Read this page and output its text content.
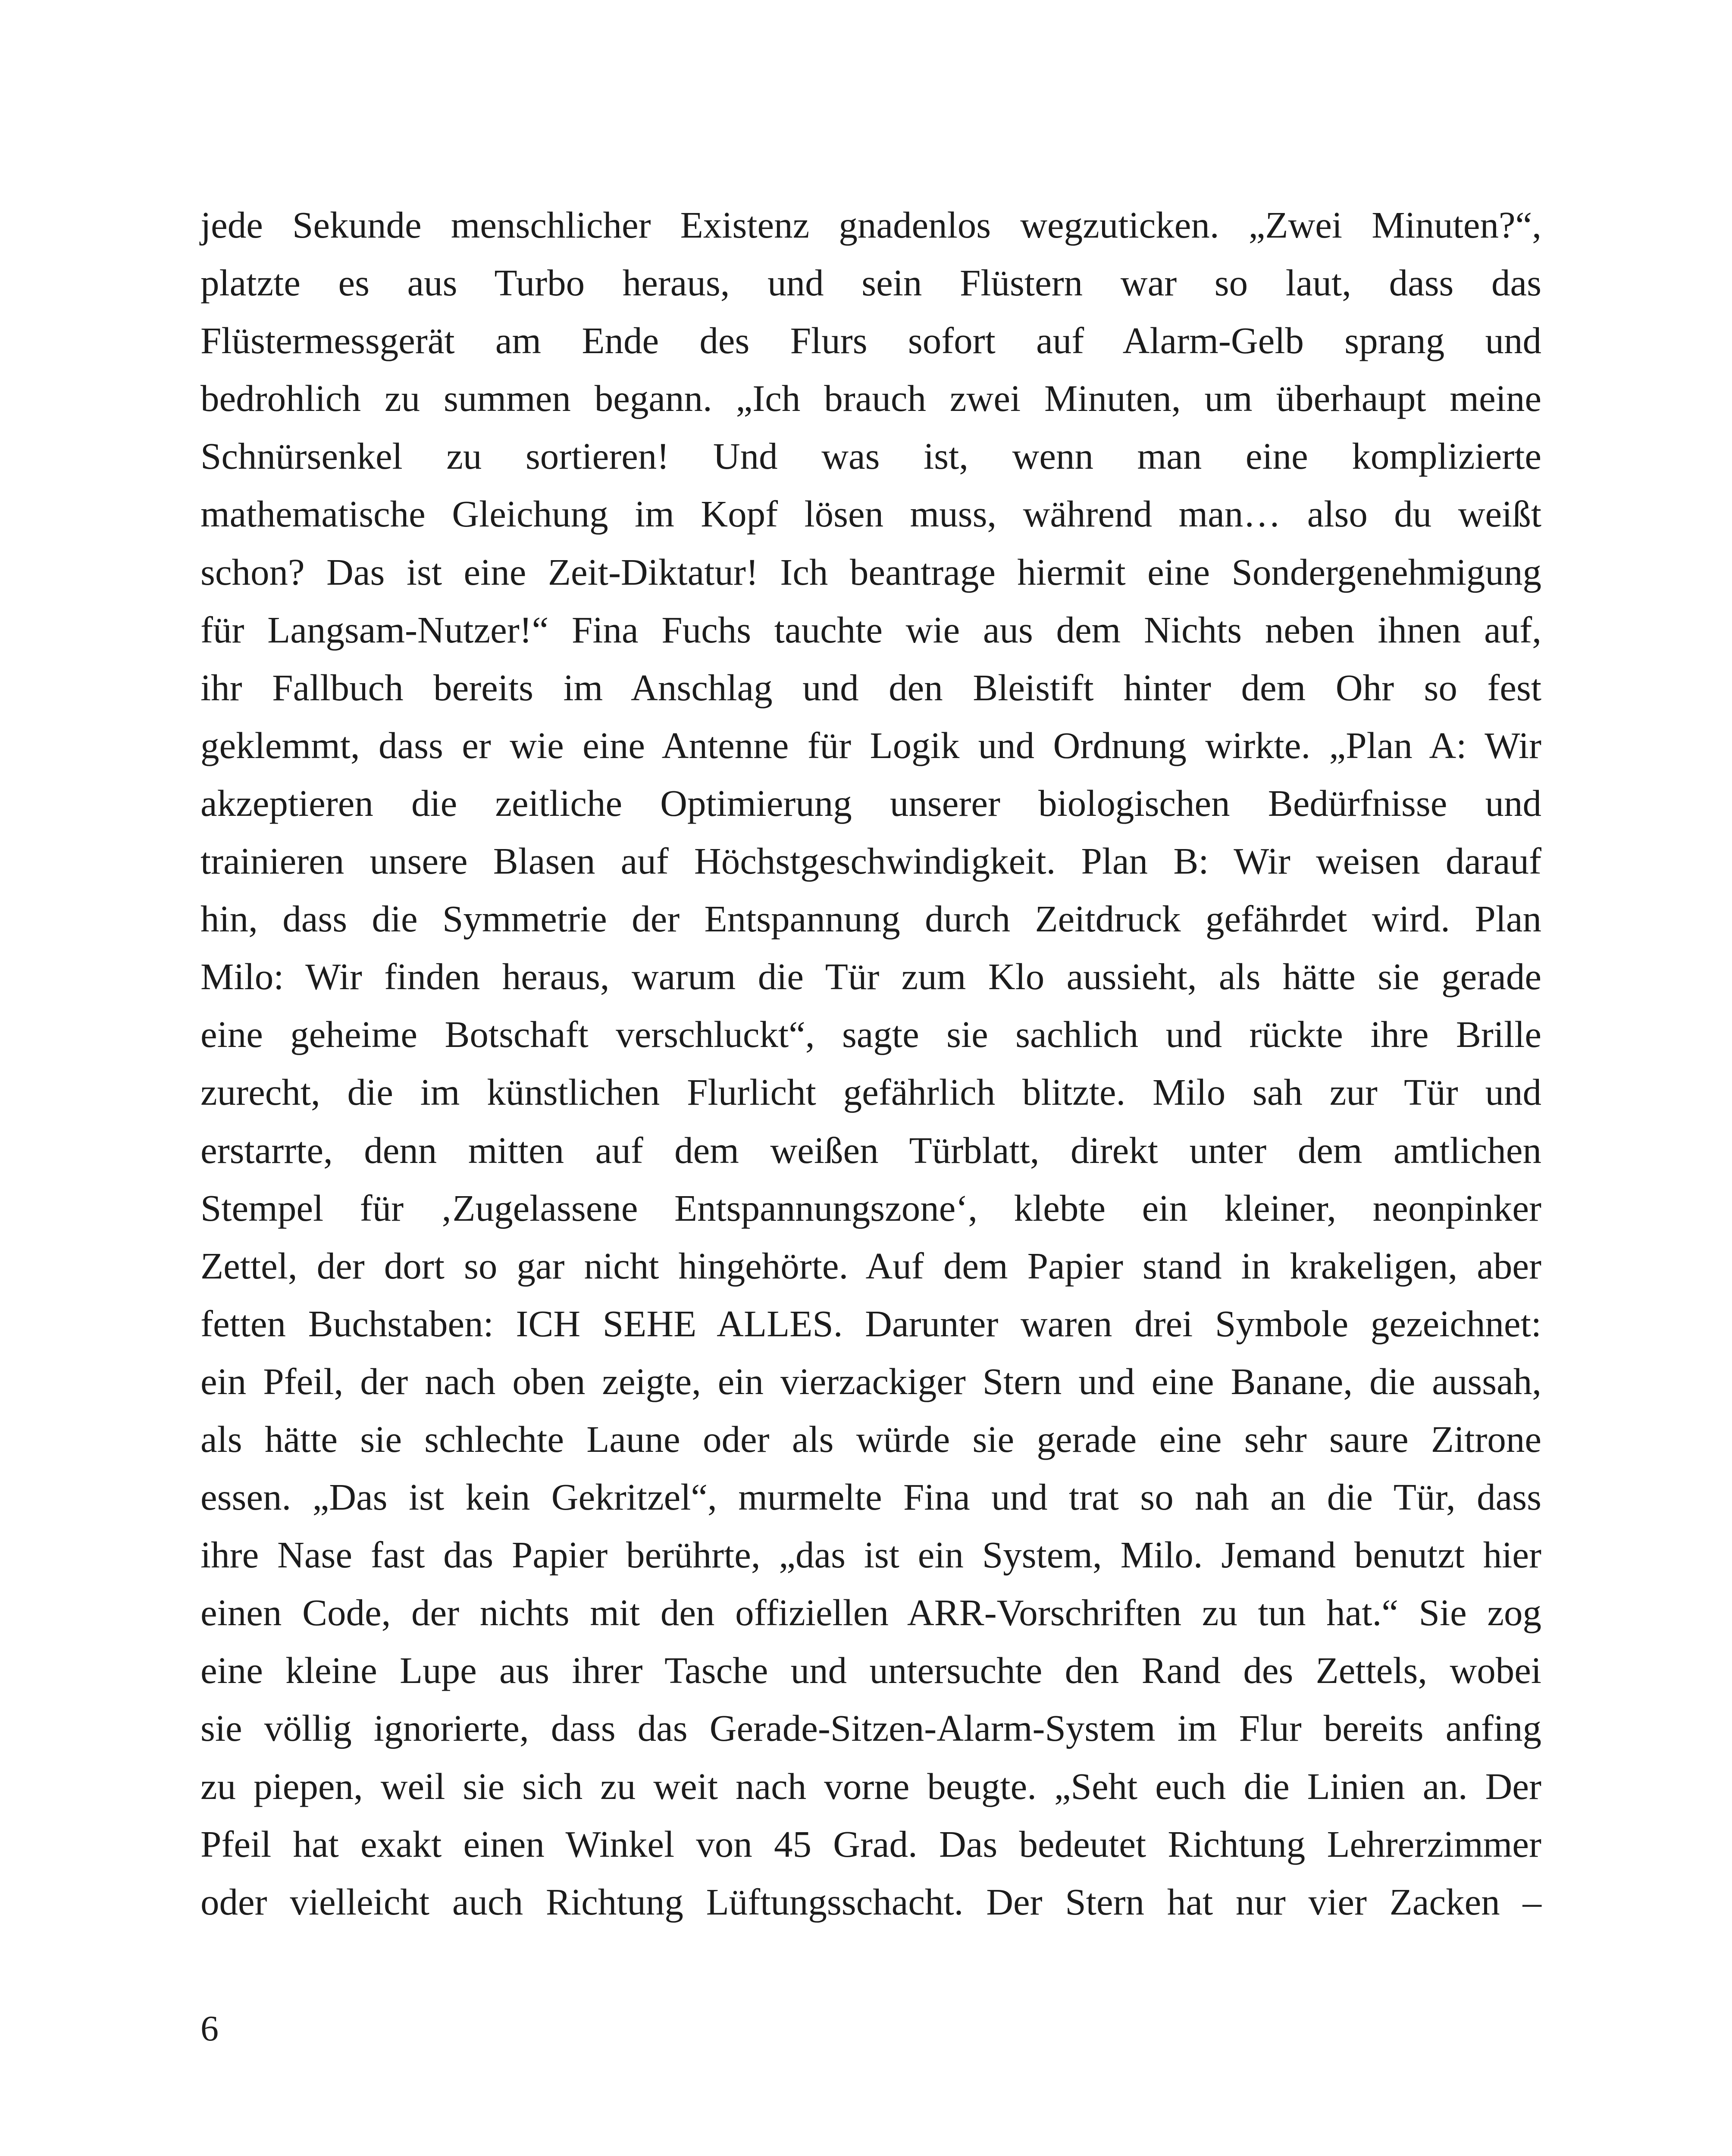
jede Sekunde menschlicher Existenz gnadenlos wegzuticken. „Zwei Minuten?“,
platzte es aus Turbo heraus, und sein Flüstern war so laut, dass das
Flüstermessgerät am Ende des Flurs sofort auf Alarm-Gelb sprang und
bedrohlich zu summen begann. „Ich brauch zwei Minuten, um überhaupt meine
Schnürsenkel zu sortieren! Und was ist, wenn man eine komplizierte
mathematische Gleichung im Kopf lösen muss, während man… also du weißt
schon? Das ist eine Zeit-Diktatur! Ich beantrage hiermit eine Sondergenehmigung
für Langsam-Nutzer!“ Fina Fuchs tauchte wie aus dem Nichts neben ihnen auf,
ihr Fallbuch bereits im Anschlag und den Bleistift hinter dem Ohr so fest
geklemmt, dass er wie eine Antenne für Logik und Ordnung wirkte. „Plan A: Wir
akzeptieren die zeitliche Optimierung unserer biologischen Bedürfnisse und
trainieren unsere Blasen auf Höchstgeschwindigkeit. Plan B: Wir weisen darauf
hin, dass die Symmetrie der Entspannung durch Zeitdruck gefährdet wird. Plan
Milo: Wir finden heraus, warum die Tür zum Klo aussieht, als hätte sie gerade
eine geheime Botschaft verschluckt“, sagte sie sachlich und rückte ihre Brille
zurecht, die im künstlichen Flurlicht gefährlich blitzte. Milo sah zur Tür und
erstarrte, denn mitten auf dem weißen Türblatt, direkt unter dem amtlichen
Stempel für ‚Zugelassene Entspannungszone‘, klebte ein kleiner, neonpinker
Zettel, der dort so gar nicht hingehörte. Auf dem Papier stand in krakeligen, aber
fetten Buchstaben: ICH SEHE ALLES. Darunter waren drei Symbole gezeichnet:
ein Pfeil, der nach oben zeigte, ein vierzackiger Stern und eine Banane, die aussah,
als hätte sie schlechte Laune oder als würde sie gerade eine sehr saure Zitrone
essen. „Das ist kein Gekritzel“, murmelte Fina und trat so nah an die Tür, dass
ihre Nase fast das Papier berührte, „das ist ein System, Milo. Jemand benutzt hier
einen Code, der nichts mit den offiziellen ARR-Vorschriften zu tun hat.“ Sie zog
eine kleine Lupe aus ihrer Tasche und untersuchte den Rand des Zettels, wobei
sie völlig ignorierte, dass das Gerade-Sitzen-Alarm-System im Flur bereits anfing
zu piepen, weil sie sich zu weit nach vorne beugte. „Seht euch die Linien an. Der
Pfeil hat exakt einen Winkel von 45 Grad. Das bedeutet Richtung Lehrerzimmer
oder vielleicht auch Richtung Lüftungsschacht. Der Stern hat nur vier Zacken –
6
